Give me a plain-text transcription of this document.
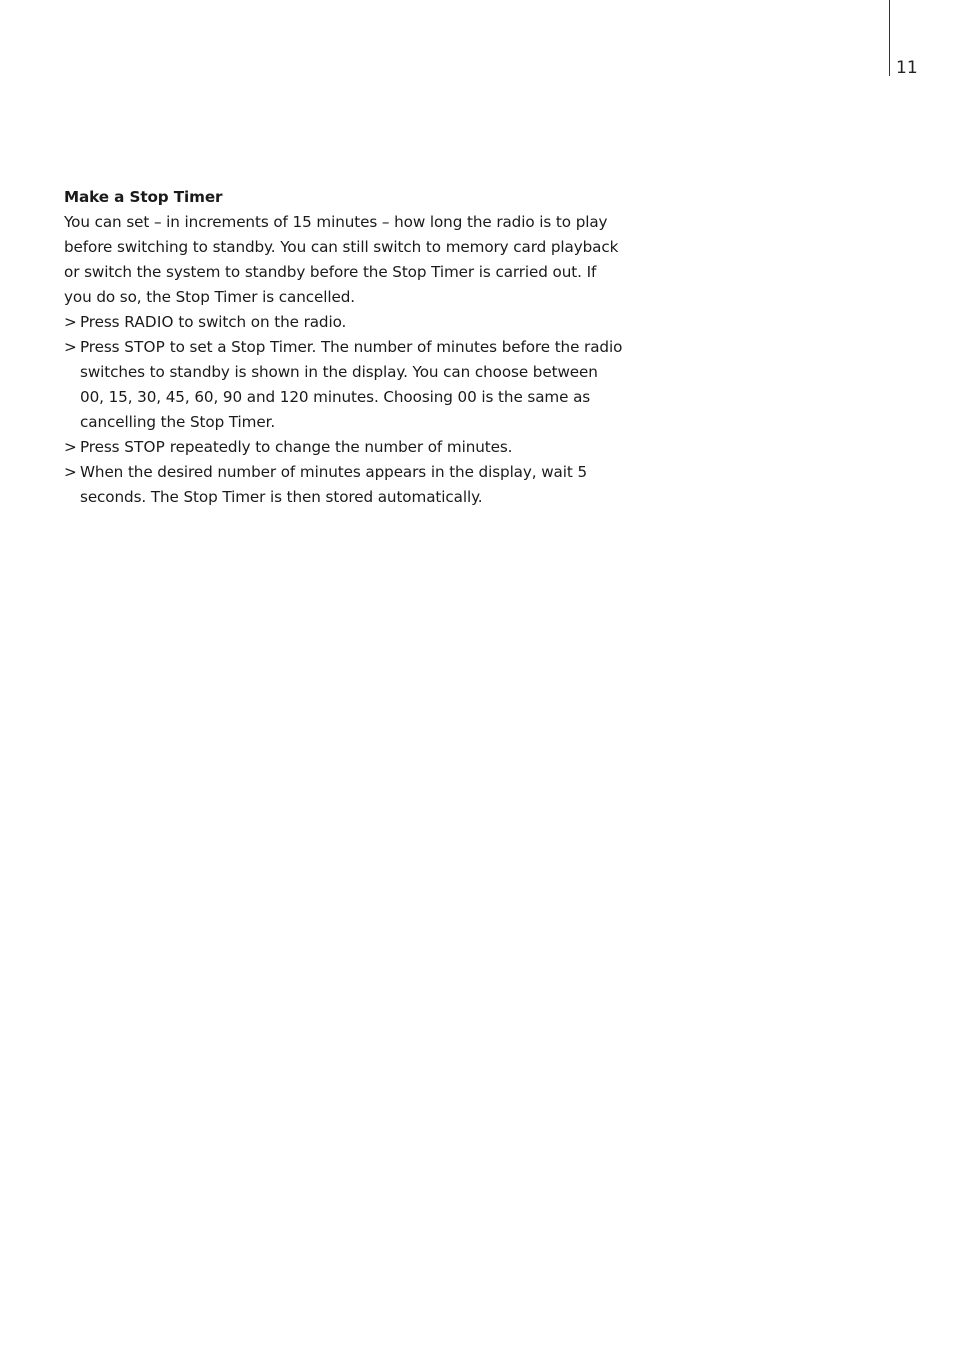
11
Make a Stop Timer

You can set – in increments of 15 minutes – how long the radio is to play before switching to standby. You can still switch to memory card playback or switch the system to standby before the Stop Timer is carried out. If you do so, the Stop Timer is cancelled.

> Press RADIO to switch on the radio.
> Press STOP to set a Stop Timer. The number of minutes before the radio switches to standby is shown in the display. You can choose between 00, 15, 30, 45, 60, 90 and 120 minutes. Choosing 00 is the same as cancelling the Stop Timer.
> Press STOP repeatedly to change the number of minutes.
> When the desired number of minutes appears in the display, wait 5 seconds. The Stop Timer is then stored automatically.
